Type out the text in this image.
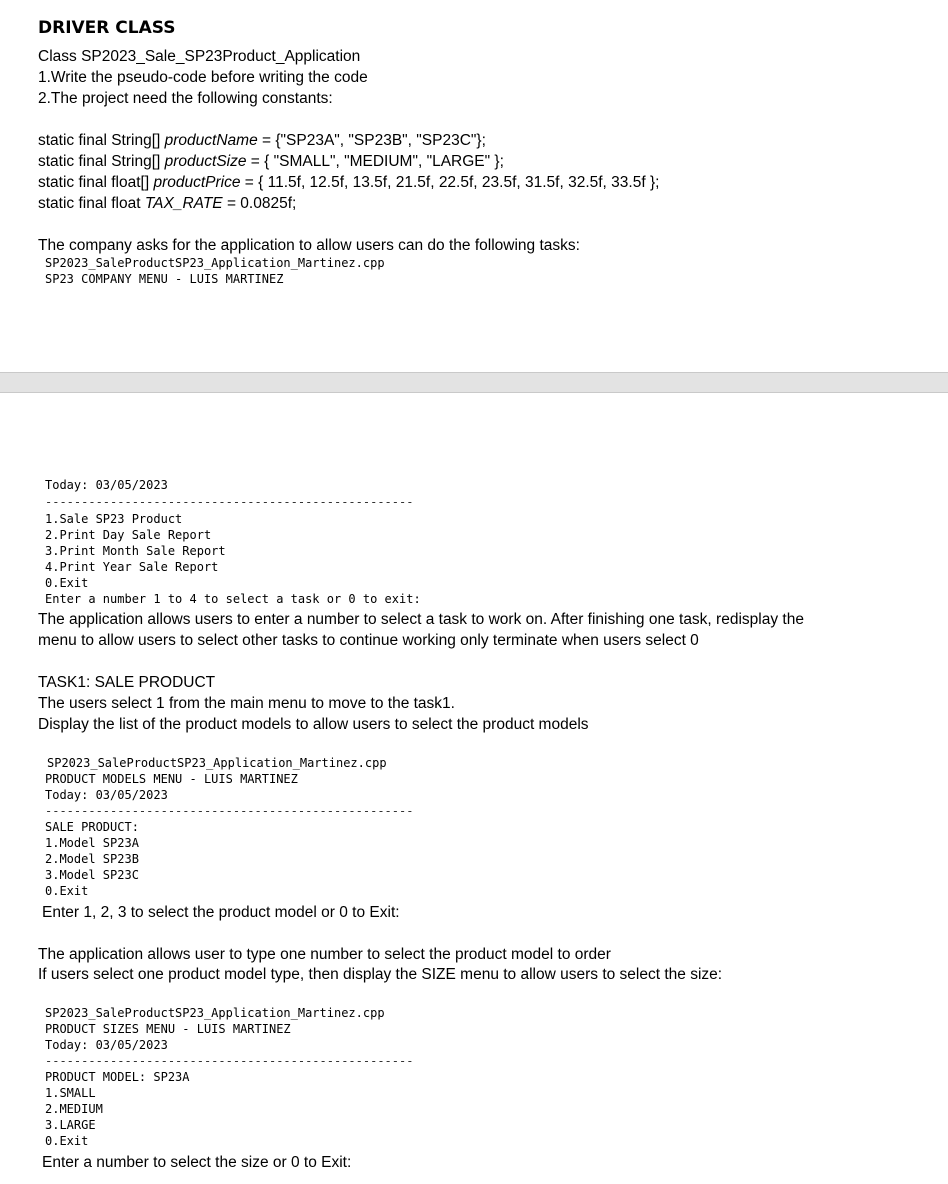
DRIVER CLASS
Class SP2023_Sale_SP23Product_Application
1.Write the pseudo-code before writing the code
2.The project need the following constants:
static final String[] productName = {"SP23A", "SP23B", "SP23C"};
static final String[] productSize = { "SMALL", "MEDIUM", "LARGE" };
static final float[] productPrice = { 11.5f, 12.5f, 13.5f, 21.5f, 22.5f, 23.5f, 31.5f, 32.5f, 33.5f };
static final float TAX_RATE = 0.0825f;
The company asks for the application to allow users can do the following tasks:
SP2023_SaleProductSP23_Application_Martinez.cpp
SP23 COMPANY MENU - LUIS MARTINEZ
Today: 03/05/2023
---------------------------------------------------
1.Sale SP23 Product
2.Print Day Sale Report
3.Print Month Sale Report
4.Print Year Sale Report
0.Exit
Enter a number 1 to 4 to select a task or 0 to exit:
The application allows users to enter a number to select a task to work on. After finishing one task, redisplay the
menu to allow users to select other tasks to continue working only terminate when users select 0
TASK1: SALE PRODUCT
The users select 1 from the main menu to move to the task1.
Display the list of the product models to allow users to select the product models
SP2023_SaleProductSP23_Application_Martinez.cpp
PRODUCT MODELS MENU - LUIS MARTINEZ
Today: 03/05/2023
---------------------------------------------------
SALE PRODUCT:
1.Model SP23A
2.Model SP23B
3.Model SP23C
0.Exit
Enter 1, 2, 3 to select the product model or 0 to Exit:
The application allows user to type one number to select the product model to order
If users select one product model type, then display the SIZE menu to allow users to select the size:
SP2023_SaleProductSP23_Application_Martinez.cpp
PRODUCT SIZES MENU - LUIS MARTINEZ
Today: 03/05/2023
---------------------------------------------------
PRODUCT MODEL: SP23A
1.SMALL
2.MEDIUM
3.LARGE
0.Exit
Enter a number to select the size or 0 to Exit:
